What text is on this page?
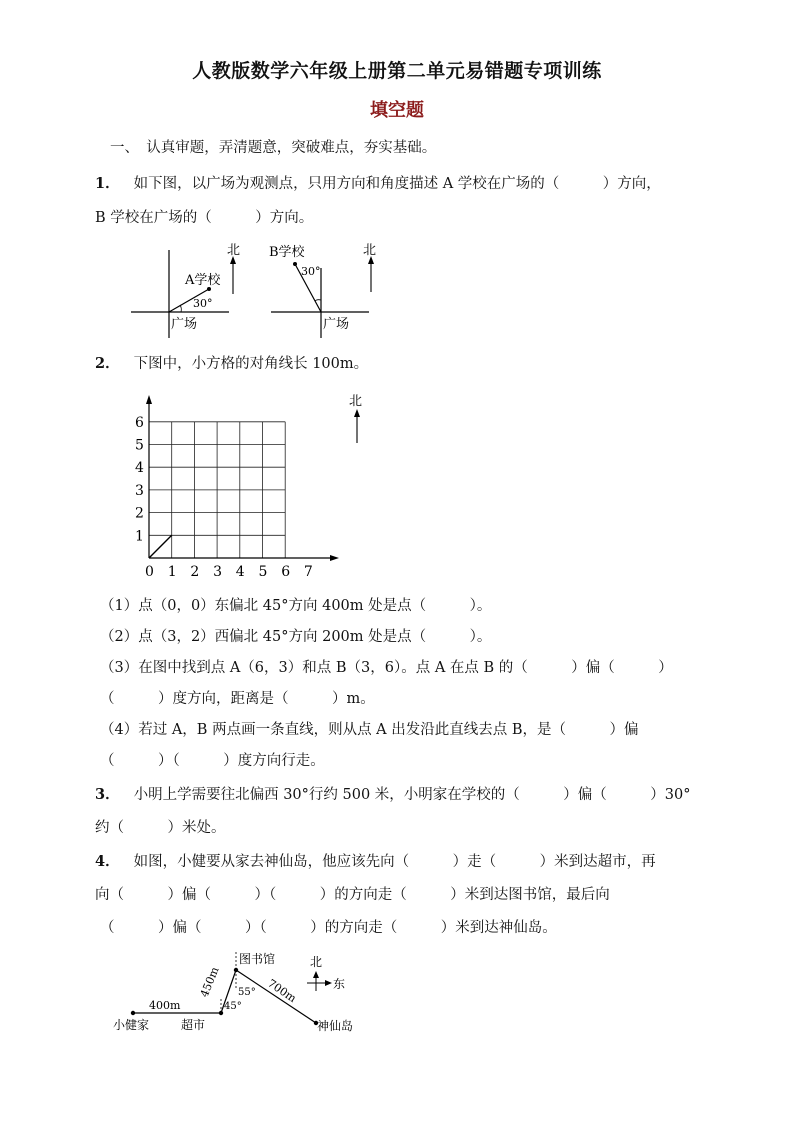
人教版数学六年级上册第二单元易错题专项训练
填空题
一、　认真审题，弄清题意，突破难点，夯实基础。
1． 如下图，以广场为观测点，只用方向和角度描述 A 学校在广场的（　　　）方向，
B 学校在广场的（　　　）方向。
北
A学校
30°
广场
B学校
30°
北
广场
2． 下图中，小方格的对角线长 100m。
0 1 2 3 4 5 6 7
1
2
3
4
5
6
北
（1）点（0，0）东偏北 45°方向 400m 处是点（　　　）。
（2）点（3，2）西偏北 45°方向 200m 处是点（　　　）。
（3）在图中找到点 A（6，3）和点 B（3，6）。点 A 在点 B 的（　　　）偏（　　　）
（　　　）度方向，距离是（　　　）m。
（4）若过 A，B 两点画一条直线，则从点 A 出发沿此直线去点 B，是（　　　）偏
（　　　）（　　　）度方向行走。
3． 小明上学需要往北偏西 30°行约 500 米，小明家在学校的（　　　）偏（　　　）30°
约（　　　）米处。
4． 如图，小健要从家去神仙岛，他应该先向（　　　）走（　　　）米到达超市，再
向（　　　）偏（　　　）（　　　）的方向走（　　　）米到达图书馆，最后向
（　　　）偏（　　　）（　　　）的方向走（　　　）米到达神仙岛。
图书馆
400m
450m	700m
45°
55°
小健家	超市	神仙岛
北
东
